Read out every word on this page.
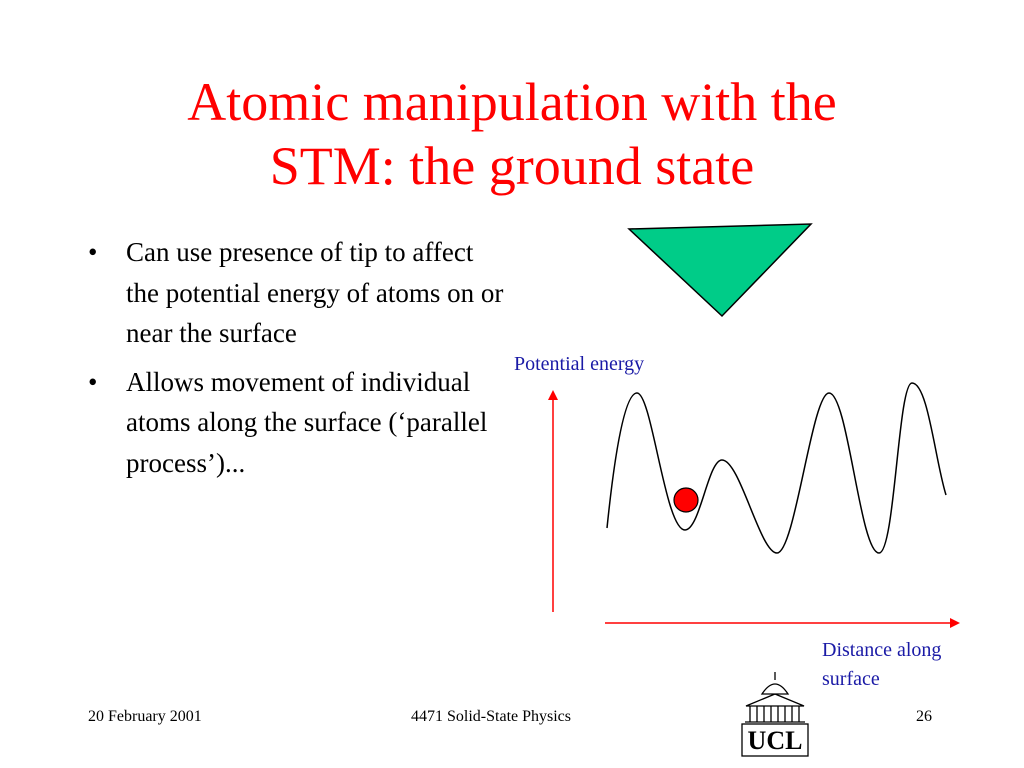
Atomic manipulation with the
STM: the ground state
• Can use presence of tip to affect the potential energy of atoms on or near the surface
• Allows movement of individual atoms along the surface (‘parallel process’)...
Potential energy
Distance along
surface
UCL
20 February 2001	4471 Solid-State Physics	26
